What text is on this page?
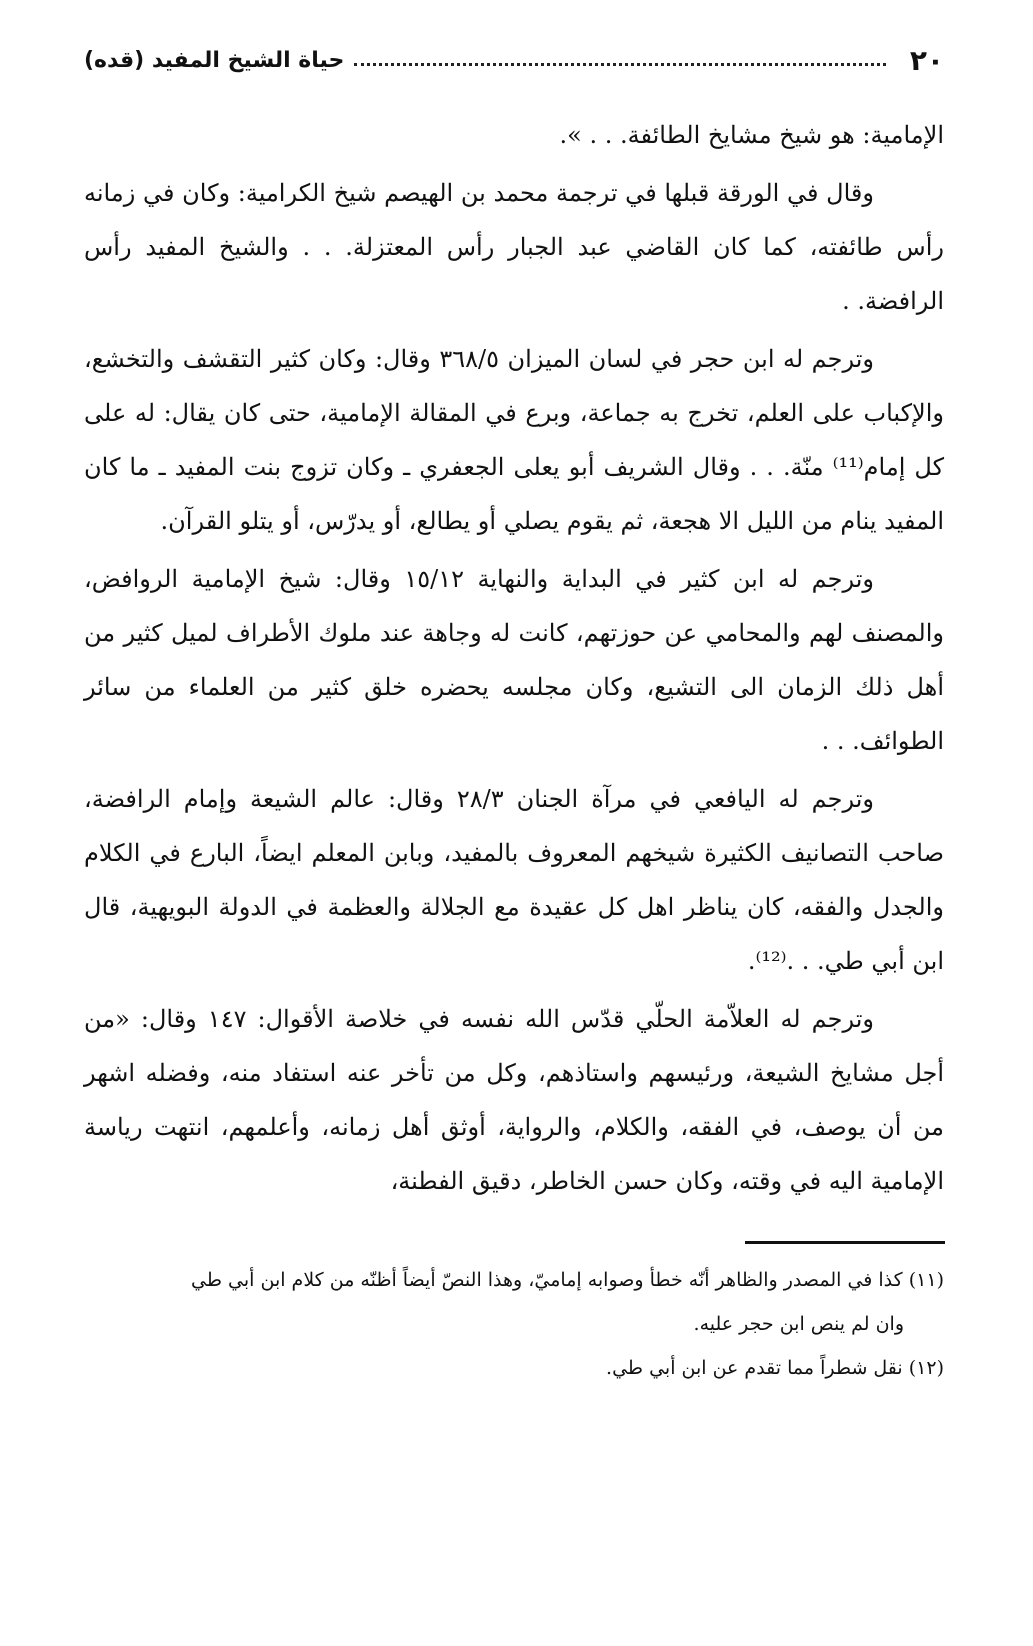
٢٠
حياة الشيخ المفيد (قده)

الإمامية: هو شيخ مشايخ الطائفة. . . ».

وقال في الورقة قبلها في ترجمة محمد بن الهيصم شيخ الكرامية: وكان في زمانه رأس طائفته، كما كان القاضي عبد الجبار رأس المعتزلة. . . والشيخ المفيد رأس الرافضة. .

وترجم له ابن حجر في لسان الميزان ٣٦٨/٥ وقال: وكان كثير التقشف والتخشع، والإكباب على العلم، تخرج به جماعة، وبرع في المقالة الإمامية، حتى كان يقال: له على كل إمام⁽¹¹⁾ منّة. . . وقال الشريف أبو يعلى الجعفري ـ وكان تزوج بنت المفيد ـ ما كان المفيد ينام من الليل الا هجعة، ثم يقوم يصلي أو يطالع، أو يدرّس، أو يتلو القرآن.

وترجم له ابن كثير في البداية والنهاية ١٥/١٢ وقال: شيخ الإمامية الروافض، والمصنف لهم والمحامي عن حوزتهم، كانت له وجاهة عند ملوك الأطراف لميل كثير من أهل ذلك الزمان الى التشيع، وكان مجلسه يحضره خلق كثير من العلماء من سائر الطوائف. . .

وترجم له اليافعي في مرآة الجنان ٢٨/٣ وقال: عالم الشيعة وإمام الرافضة، صاحب التصانيف الكثيرة شيخهم المعروف بالمفيد، وبابن المعلم ايضاً، البارع في الكلام والجدل والفقه، كان يناظر اهل كل عقيدة مع الجلالة والعظمة في الدولة البويهية، قال ابن أبي طي. . .⁽¹²⁾.

وترجم له العلاّمة الحلّي قدّس الله نفسه في خلاصة الأقوال: ١٤٧ وقال: «من أجل مشايخ الشيعة، ورئيسهم واستاذهم، وكل من تأخر عنه استفاد منه، وفضله اشهر من أن يوصف، في الفقه، والكلام، والرواية، أوثق أهل زمانه، وأعلمهم، انتهت رياسة الإمامية اليه في وقته، وكان حسن الخاطر، دقيق الفطنة،

(١١) كذا في المصدر والظاهر أنّه خطأ وصوابه إماميّ، وهذا النصّ أيضاً أظنّه من كلام ابن أبي طي

وان لم ينص ابن حجر عليه.

(١٢) نقل شطراً مما تقدم عن ابن أبي طي.
